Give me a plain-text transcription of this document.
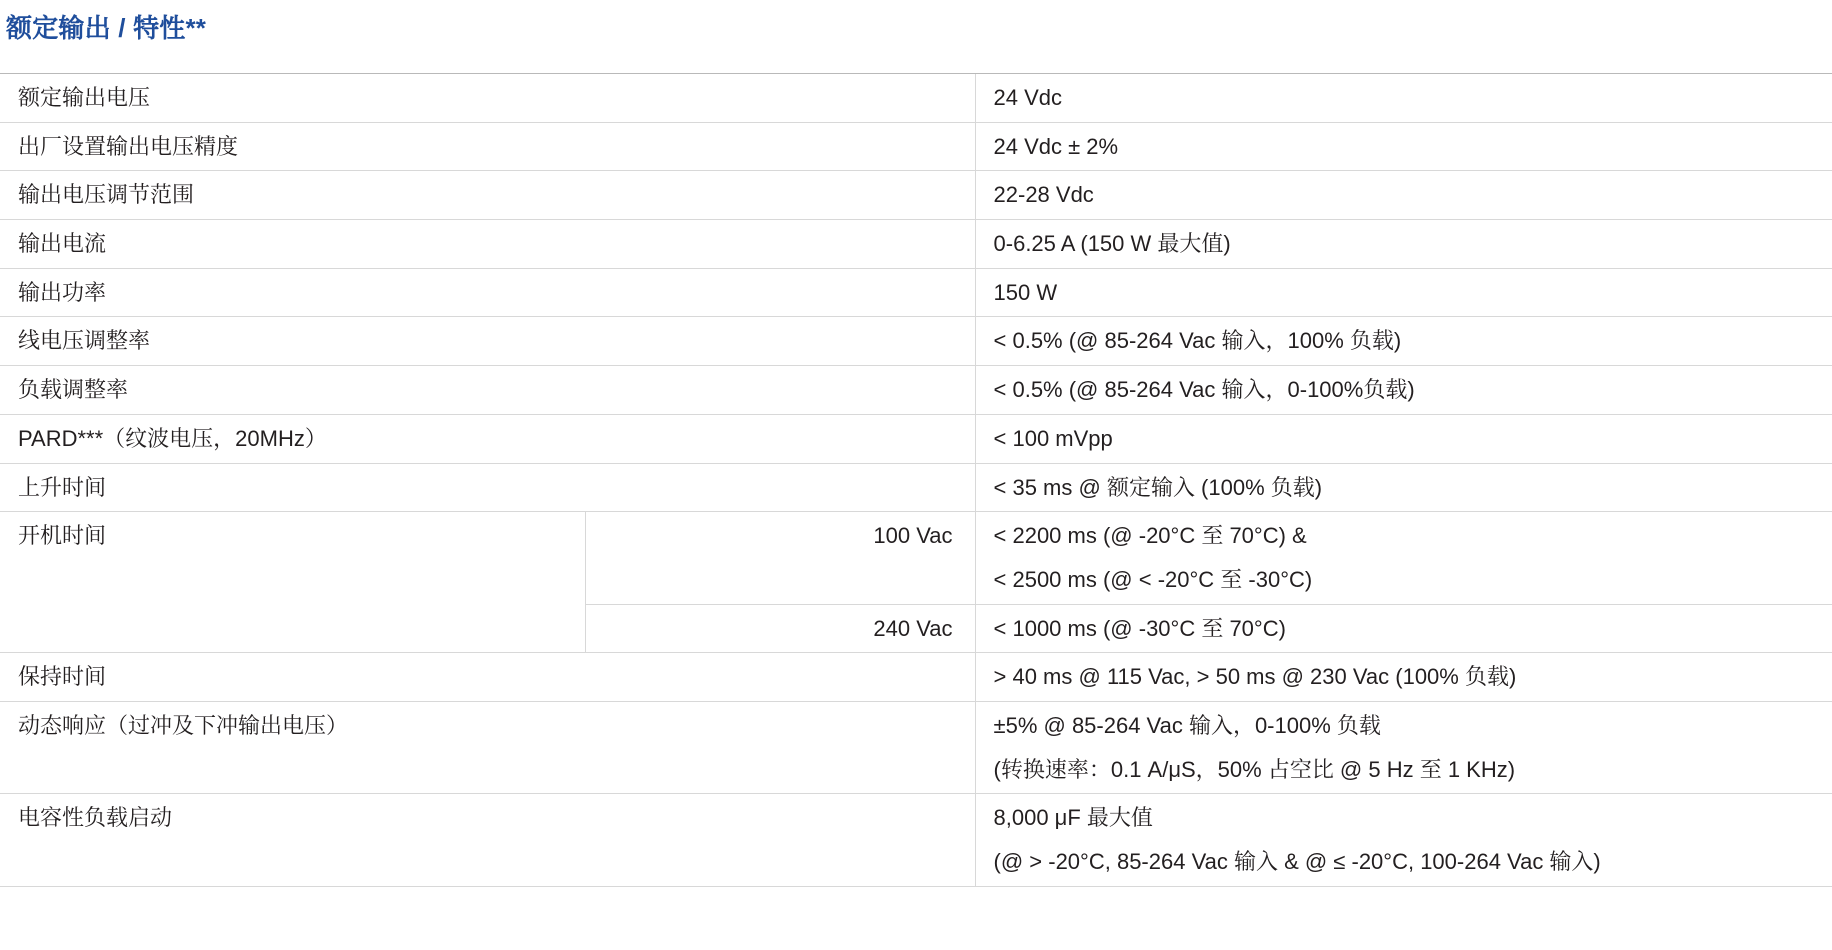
额定输出 / 特性**
额定输出电压		24 Vdc
出厂设置输出电压精度		24 Vdc ± 2%
输出电压调节范围		22-28 Vdc
输出电流		0-6.25 A (150 W 最大值)
输出功率		150 W
线电压调整率		< 0.5% (@ 85-264 Vac 输入，100% 负载)
负载调整率		< 0.5% (@ 85-264 Vac 输入，0-100%负载)
PARD***（纹波电压，20MHz）		< 100 mVpp
上升时间		< 35 ms @ 额定输入 (100% 负载)
开机时间	100 Vac	< 2200 ms (@ -20°C 至 70°C) &
< 2500 ms (@ < -20°C 至 -30°C)

	240 Vac	< 1000 ms (@ -30°C 至 70°C)
保持时间		> 40 ms @ 115 Vac, > 50 ms @ 230 Vac (100% 负载)
动态响应（过冲及下冲输出电压）		±5% @ 85-264 Vac 输入，0-100% 负载
(转换速率：0.1 A/μS，50% 占空比 @ 5 Hz 至 1 KHz)

电容性负载启动		8,000 μF 最大值
(@ > -20°C, 85-264 Vac 输入 & @ ≤ -20°C, 100-264 Vac 输入)
